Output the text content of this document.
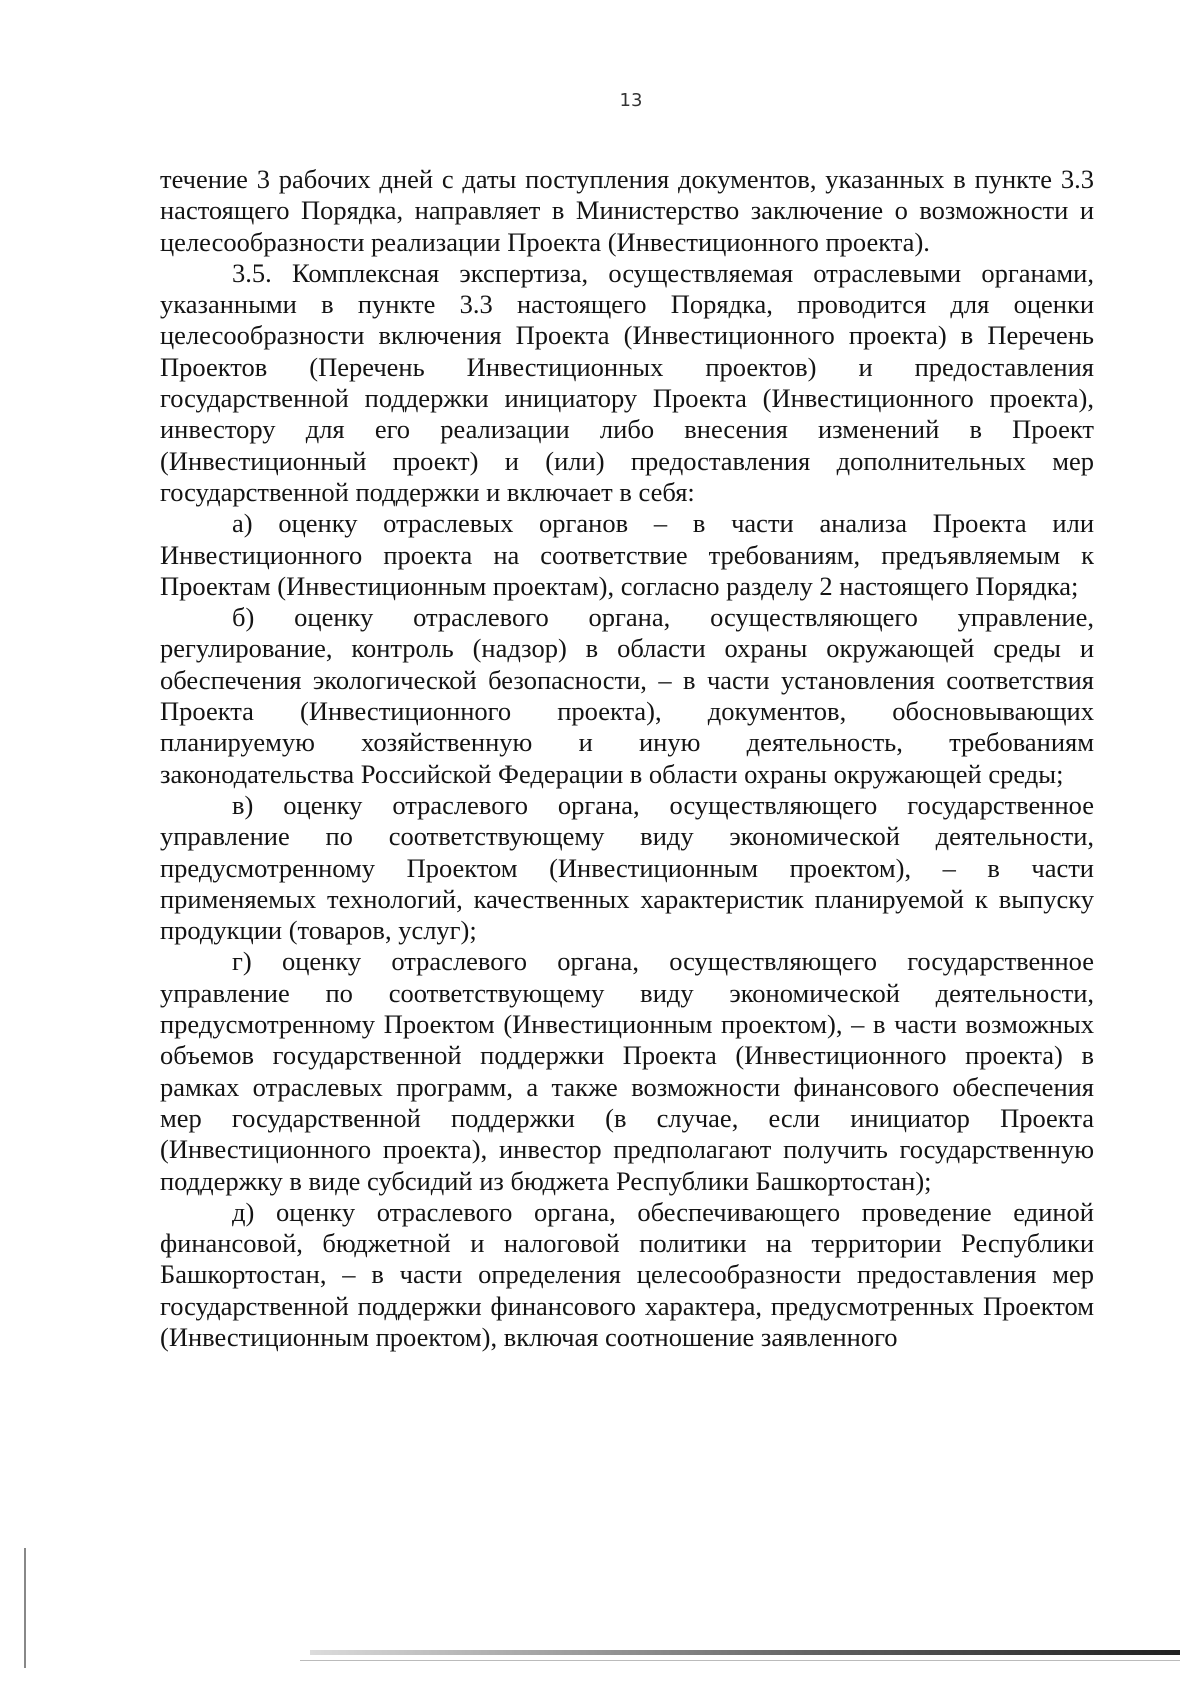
13

течение 3 рабочих дней с даты поступления документов, указанных в пункте 3.3 настоящего Порядка, направляет в Министерство заключение о возможности и целесообразности реализации Проекта (Инвестиционного проекта).

3.5. Комплексная экспертиза, осуществляемая отраслевыми органами, указанными в пункте 3.3 настоящего Порядка, проводится для оценки целесообразности включения Проекта (Инвестиционного проекта) в Перечень Проектов (Перечень Инвестиционных проектов) и предоставления государственной поддержки инициатору Проекта (Инвестиционного проекта), инвестору для его реализации либо внесения изменений в Проект (Инвестиционный проект) и (или) предоставления дополнительных мер государственной поддержки и включает в себя:

а) оценку отраслевых органов – в части анализа Проекта или Инвестиционного проекта на соответствие требованиям, предъявляемым к Проектам (Инвестиционным проектам), согласно разделу 2 настоящего Порядка;

б) оценку отраслевого органа, осуществляющего управление, регулирование, контроль (надзор) в области охраны окружающей среды и обеспечения экологической безопасности, – в части установления соответствия Проекта (Инвестиционного проекта), документов, обосновывающих планируемую хозяйственную и иную деятельность, требованиям законодательства Российской Федерации в области охраны окружающей среды;

в) оценку отраслевого органа, осуществляющего государственное управление по соответствующему виду экономической деятельности, предусмотренному Проектом (Инвестиционным проектом), – в части применяемых технологий, качественных характеристик планируемой к выпуску продукции (товаров, услуг);

г) оценку отраслевого органа, осуществляющего государственное управление по соответствующему виду экономической деятельности, предусмотренному Проектом (Инвестиционным проектом), – в части возможных объемов государственной поддержки Проекта (Инвестиционного проекта) в рамках отраслевых программ, а также возможности финансового обеспечения мер государственной поддержки (в случае, если инициатор Проекта (Инвестиционного проекта), инвестор предполагают получить государственную поддержку в виде субсидий из бюджета Республики Башкортостан);

д) оценку отраслевого органа, обеспечивающего проведение единой финансовой, бюджетной и налоговой политики на территории Республики Башкортостан, – в части определения целесообразности предоставления мер государственной поддержки финансового характера, предусмотренных Проектом (Инвестиционным проектом), включая соотношение заявленного
